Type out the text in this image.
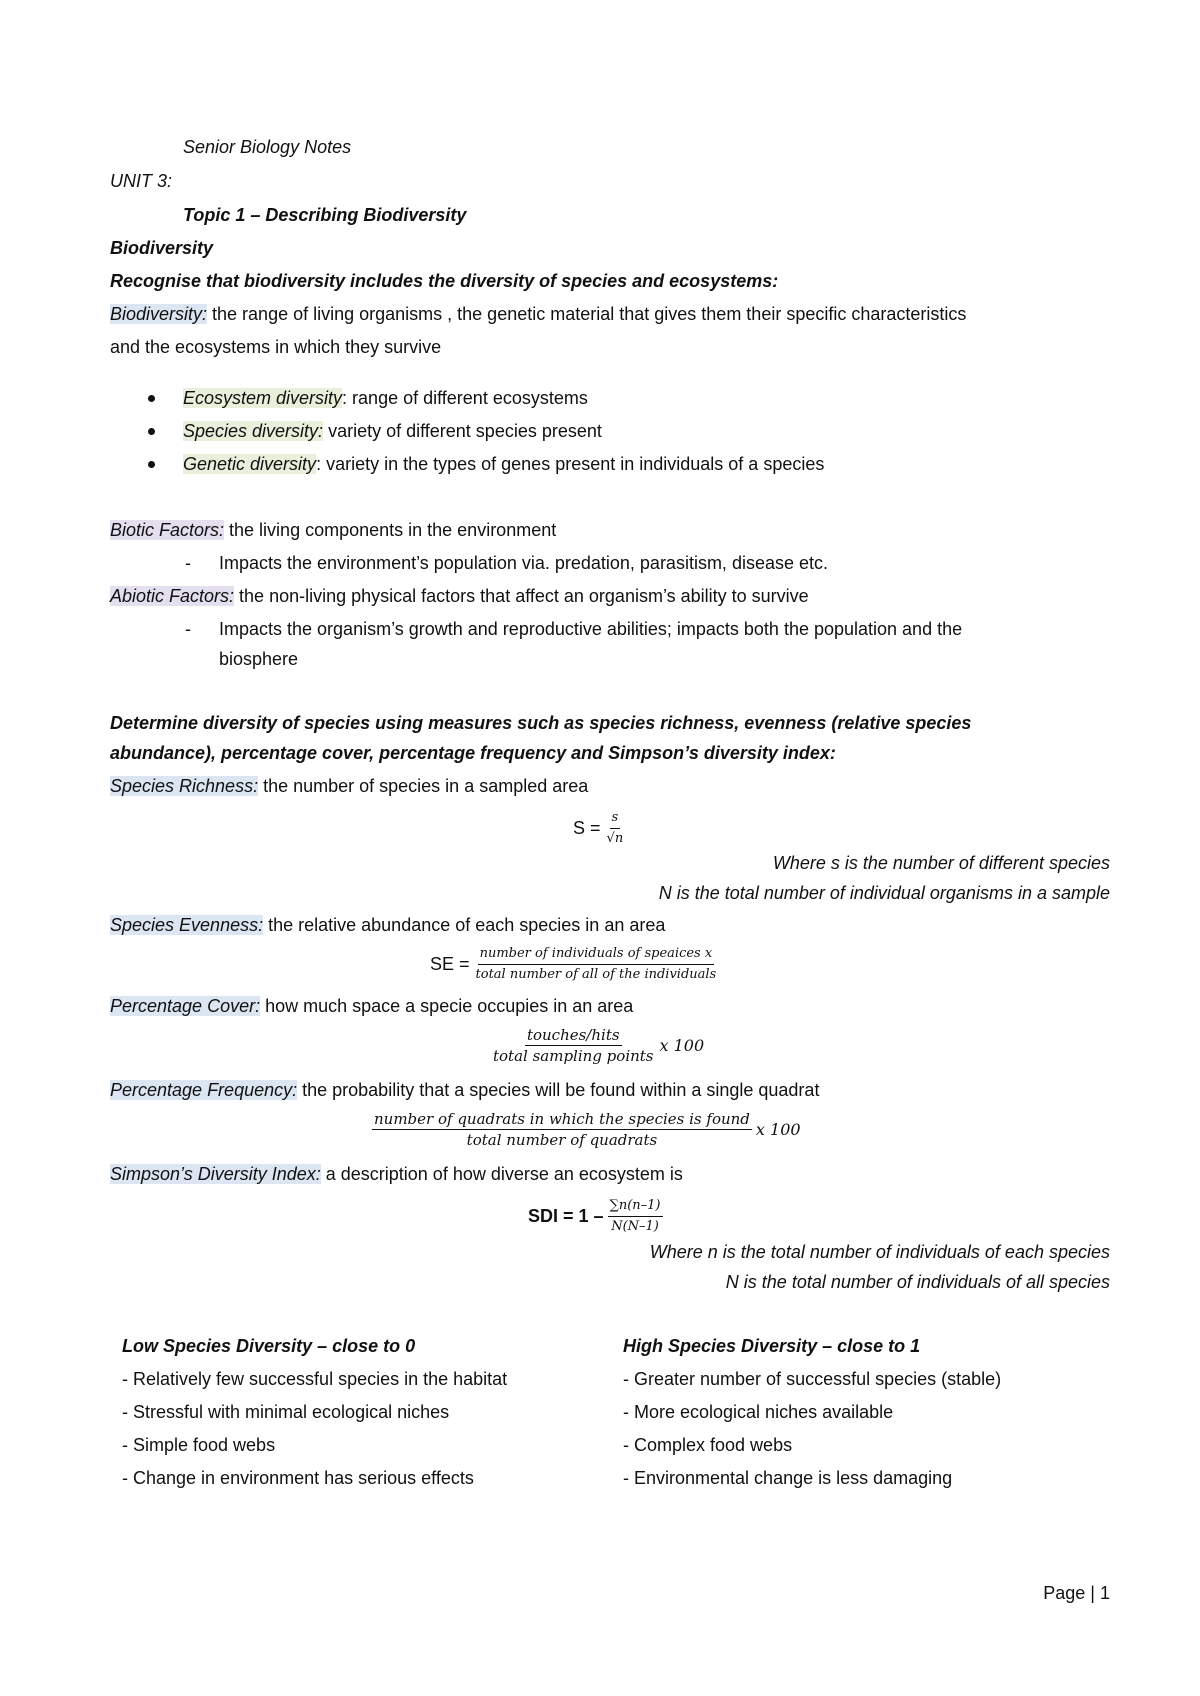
Senior Biology Notes
UNIT 3:
Topic 1 – Describing Biodiversity
Biodiversity
Recognise that biodiversity includes the diversity of species and ecosystems:
Biodiversity: the range of living organisms , the genetic material that gives them their specific characteristics
and the ecosystems in which they survive
Ecosystem diversity: range of different ecosystems
Species diversity: variety of different species present
Genetic diversity: variety in the types of genes present in individuals of a species
Biotic Factors: the living components in the environment
- Impacts the environment’s population via. predation, parasitism, disease etc.
Abiotic Factors: the non-living physical factors that affect an organism’s ability to survive
- Impacts the organism’s growth and reproductive abilities; impacts both the population and the
biosphere
Determine diversity of species using measures such as species richness, evenness (relative species
abundance), percentage cover, percentage frequency and Simpson’s diversity index:
Species Richness: the number of species in a sampled area
$S = \frac{s}{√n}$
Where s is the number of different species
N is the total number of individual organisms in a sample
Species Evenness: the relative abundance of each species in an area
SE = $\frac{\text{number of individuals of speaices x}}{\text{total number of all of the individuals}}$
Percentage Cover: how much space a specie occupies in an area
$\frac{\text{touches/hits}}{\text{total sampling points}}$ x 100
Percentage Frequency: the probability that a species will be found within a single quadrat
$\frac{\text{number of quadrats in which the species is found}}{\text{total number of quadrats}}$ x 100
Simpson’s Diversity Index: a description of how diverse an ecosystem is
SDI = $1 - \frac{\sum n(n-1)}{N(N-1)}$
Where n is the total number of individuals of each species
N is the total number of individuals of all species
Low Species Diversity – close to 0
- Relatively few successful species in the habitat
- Stressful with minimal ecological niches
- Simple food webs
- Change in environment has serious effects
High Species Diversity – close to 1
- Greater number of successful species (stable)
- More ecological niches available
- Complex food webs
- Environmental change is less damaging
Page | 1
